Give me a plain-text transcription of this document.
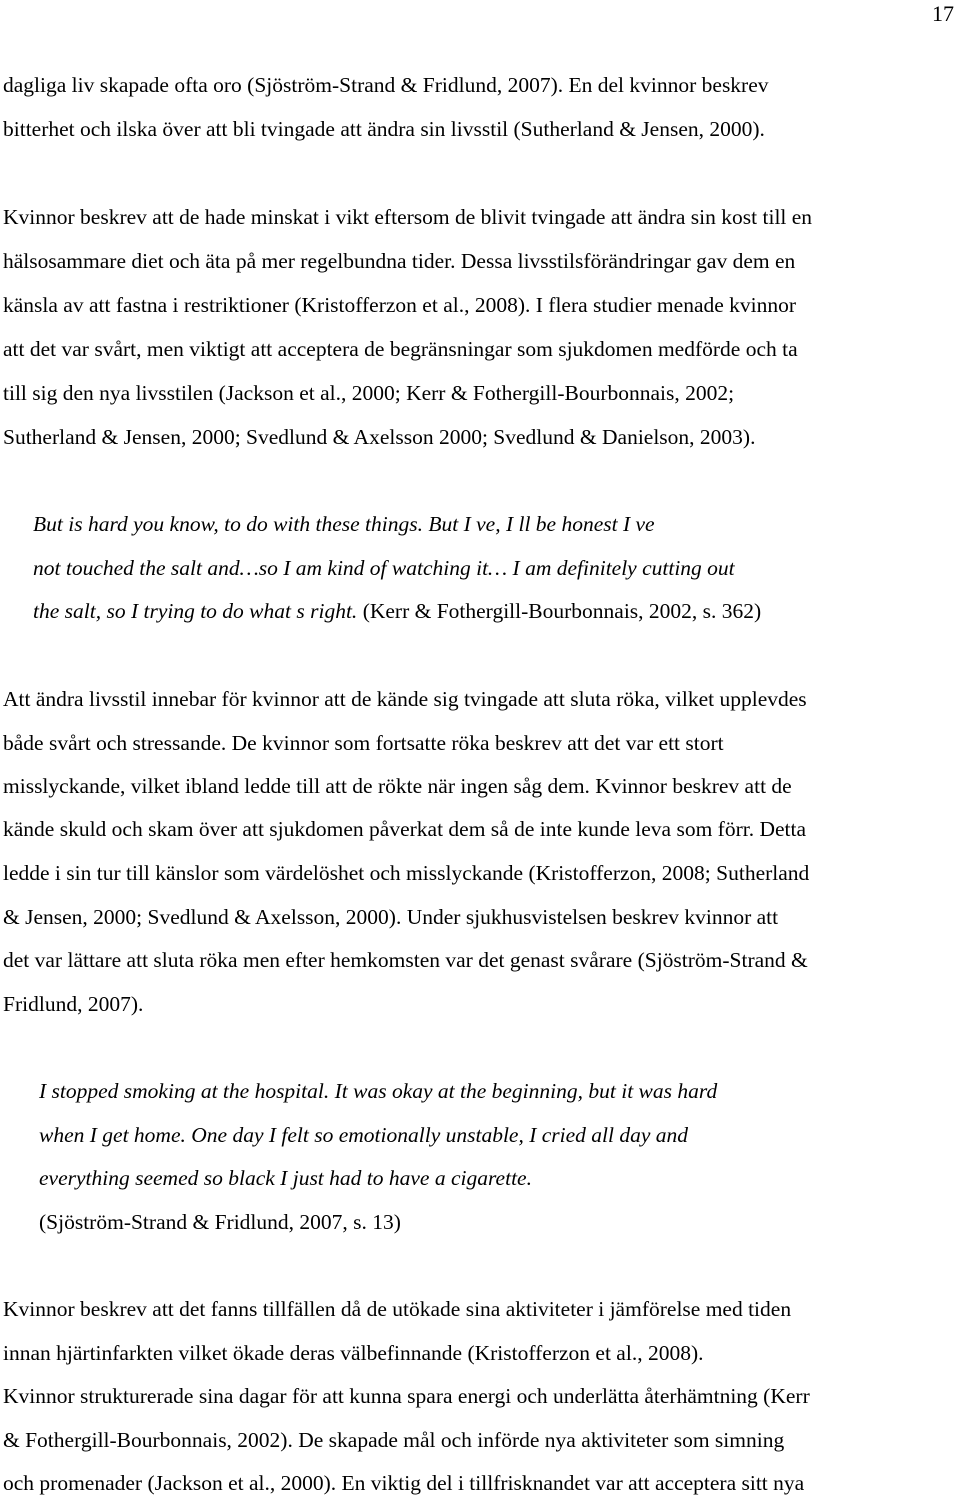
17
dagliga liv skapade ofta oro (Sjöström-Strand & Fridlund, 2007). En del kvinnor beskrev
bitterhet och ilska över att bli tvingade att ändra sin livsstil (Sutherland & Jensen, 2000).
Kvinnor beskrev att de hade minskat i vikt eftersom de blivit tvingade att ändra sin kost till en
hälsosammare diet och äta på mer regelbundna tider. Dessa livsstilsförändringar gav dem en
känsla av att fastna i restriktioner (Kristofferzon et al., 2008). I flera studier menade kvinnor
att det var svårt, men viktigt att acceptera de begränsningar som sjukdomen medförde och ta
till sig den nya livsstilen (Jackson et al., 2000; Kerr & Fothergill-Bourbonnais, 2002;
Sutherland & Jensen, 2000; Svedlund & Axelsson 2000; Svedlund & Danielson, 2003).
But is hard you know, to do with these things. But I ve, I ll be honest I ve
not touched the salt and…so I am kind of watching it… I am definitely cutting out
the salt, so I trying to do what s right. (Kerr & Fothergill-Bourbonnais, 2002, s. 362)
Att ändra livsstil innebar för kvinnor att de kände sig tvingade att sluta röka, vilket upplevdes
både svårt och stressande. De kvinnor som fortsatte röka beskrev att det var ett stort
misslyckande, vilket ibland ledde till att de rökte när ingen såg dem. Kvinnor beskrev att de
kände skuld och skam över att sjukdomen påverkat dem så de inte kunde leva som förr. Detta
ledde i sin tur till känslor som värdelöshet och misslyckande (Kristofferzon, 2008; Sutherland
& Jensen, 2000; Svedlund & Axelsson, 2000). Under sjukhusvistelsen beskrev kvinnor att
det var lättare att sluta röka men efter hemkomsten var det genast svårare (Sjöström-Strand &
Fridlund, 2007).
I stopped smoking at the hospital. It was okay at the beginning, but it was hard
when I get home. One day I felt so emotionally unstable, I cried all day and
everything seemed so black I just had to have a cigarette.
(Sjöström-Strand & Fridlund, 2007, s. 13)
Kvinnor beskrev att det fanns tillfällen då de utökade sina aktiviteter i jämförelse med tiden
innan hjärtinfarkten vilket ökade deras välbefinnande (Kristofferzon et al., 2008).
Kvinnor strukturerade sina dagar för att kunna spara energi och underlätta återhämtning (Kerr
& Fothergill-Bourbonnais, 2002). De skapade mål och införde nya aktiviteter som simning
och promenader (Jackson et al., 2000). En viktig del i tillfrisknandet var att acceptera sitt nya
